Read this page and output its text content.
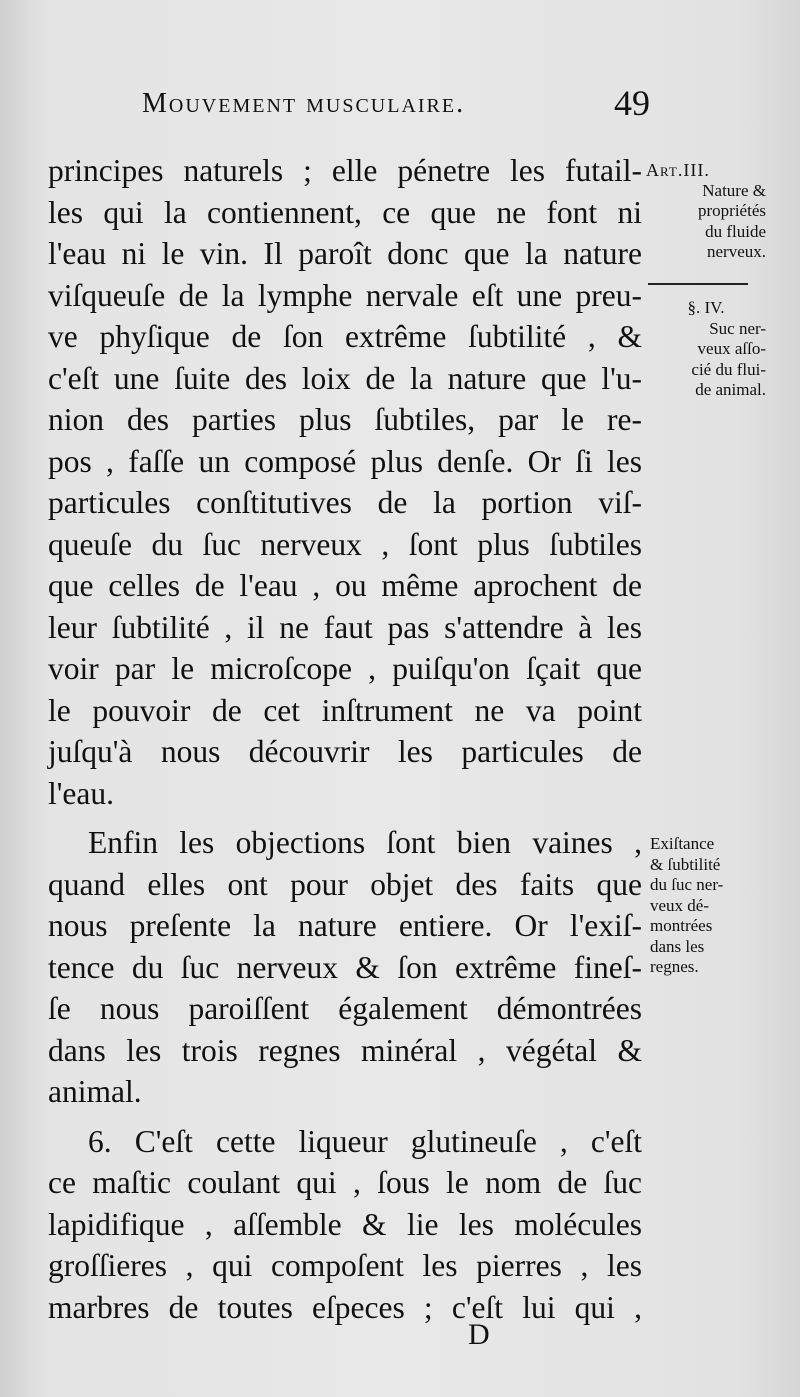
Mouvement musculaire.	49
principes naturels ; elle pénetre les futail-
les qui la contiennent, ce que ne font ni
l'eau ni le vin. Il paroît donc que la nature
viſqueuſe de la lymphe nervale eſt une preu-
ve phyſique de ſon extrême ſubtilité , &
c'eſt une ſuite des loix de la nature que l'u-
nion des parties plus ſubtiles, par le re-
pos , faſſe un composé plus denſe. Or ſi les
particules conſtitutives de la portion viſ-
queuſe du ſuc nerveux , ſont plus ſubtiles
que celles de l'eau , ou même aprochent de
leur ſubtilité , il ne faut pas s'attendre à les
voir par le microſcope , puiſqu'on ſçait que
le pouvoir de cet inſtrument ne va point
juſqu'à nous découvrir les particules de
l'eau.
Enfin les objections ſont bien vaines ,
quand elles ont pour objet des faits que
nous preſente la nature entiere. Or l'exiſ-
tence du ſuc nerveux & ſon extrême fineſ-
ſe nous paroiſſent également démontrées
dans les trois regnes minéral , végétal &
animal.
6. C'eſt cette liqueur glutineuſe , c'eſt
ce maſtic coulant qui , ſous le nom de ſuc
lapidifique , aſſemble & lie les molécules
groſſieres , qui compoſent les pierres , les
marbres de toutes eſpeces ; c'eſt lui qui ,
Art.III.
Nature &
propriétés
du fluide
nerveux.
§. IV.
Suc ner-
veux aſſo-
cié du flui-
de animal.
Exiſtance
& ſubtilité
du ſuc ner-
veux dé-
montrées
dans les
regnes.
D
